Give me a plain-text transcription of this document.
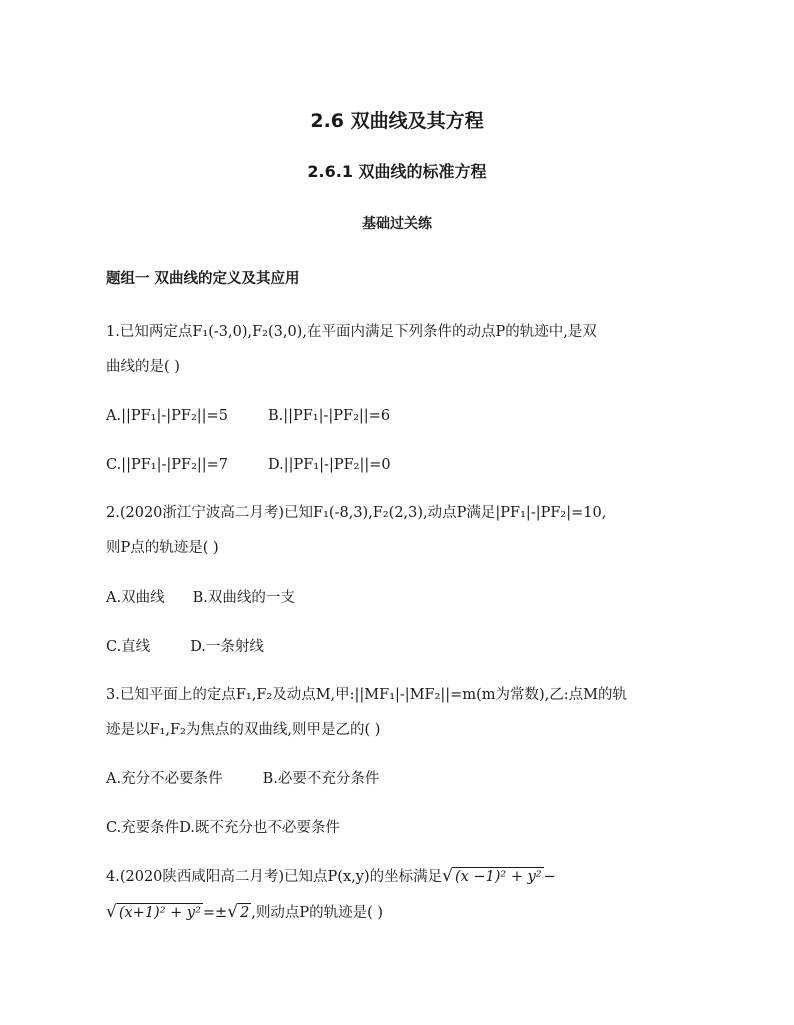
2.6 双曲线及其方程
2.6.1 双曲线的标准方程
基础过关练
题组一 双曲线的定义及其应用
1.已知两定点F₁(-3,0),F₂(3,0),在平面内满足下列条件的动点P的轨迹中,是双
曲线的是( )
A.||PF₁|-|PF₂||=5	B.||PF₁|-|PF₂||=6
C.||PF₁|-|PF₂||=7	D.||PF₁|-|PF₂||=0
2.(2020浙江宁波高二月考)已知F₁(-8,3),F₂(2,3),动点P满足|PF₁|-|PF₂|=10,
则P点的轨迹是( )
A.双曲线 B.双曲线的一支
C.直线	D.一条射线
3.已知平面上的定点F₁,F₂及动点M,甲:||MF₁|-|MF₂||=m(m为常数),乙:点M的轨
迹是以F₁,F₂为焦点的双曲线,则甲是乙的( )
A.充分不必要条件	B.必要不充分条件
C.充要条件D.既不充分也不必要条件
4.(2020陕西咸阳高二月考)已知点P(x,y)的坐标满足√ (x −1)² + y² −
√ (x+1)² + y² =±√ 2 ,则动点P的轨迹是( )
